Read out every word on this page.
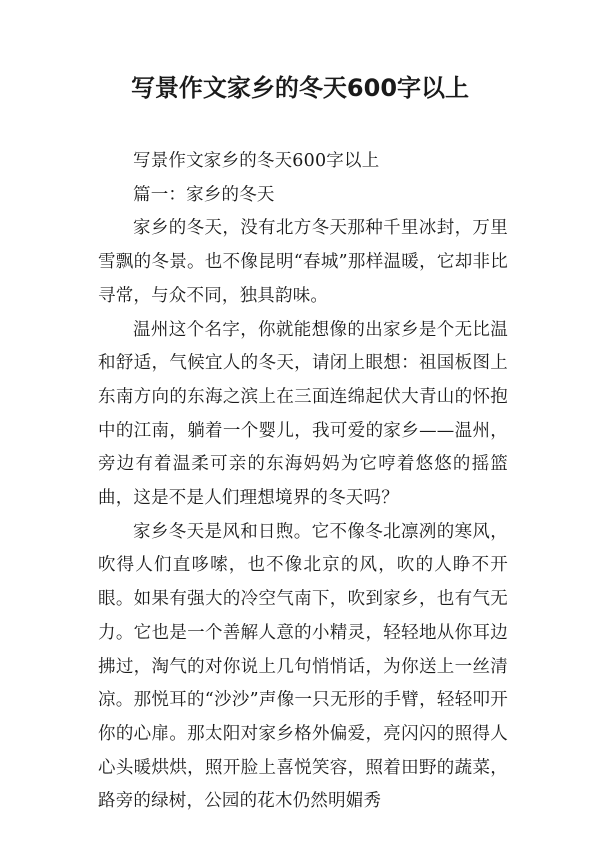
写景作文家乡的冬天600字以上

写景作文家乡的冬天600字以上

篇一：家乡的冬天

家乡的冬天，没有北方冬天那种千里冰封，万里雪飘的冬景。也不像昆明“春城”那样温暖，它却非比寻常，与众不同，独具韵味。

温州这个名字，你就能想像的出家乡是个无比温和舒适，气候宜人的冬天，请闭上眼想：祖国板图上东南方向的东海之滨上在三面连绵起伏大青山的怀抱中的江南，躺着一个婴儿，我可爱的家乡——温州，旁边有着温柔可亲的东海妈妈为它哼着悠悠的摇篮曲，这是不是人们理想境界的冬天吗？

家乡冬天是风和日煦。它不像冬北凛冽的寒风，吹得人们直哆嗦，也不像北京的风，吹的人睁不开眼。如果有强大的冷空气南下，吹到家乡，也有气无力。它也是一个善解人意的小精灵，轻轻地从你耳边拂过，淘气的对你说上几句悄悄话，为你送上一丝清凉。那悦耳的“沙沙”声像一只无形的手臂，轻轻叩开你的心扉。那太阳对家乡格外偏爱，亮闪闪的照得人心头暖烘烘，照开脸上喜悦笑容，照着田野的蔬菜，路旁的绿树，公园的花木仍然明媚秀
